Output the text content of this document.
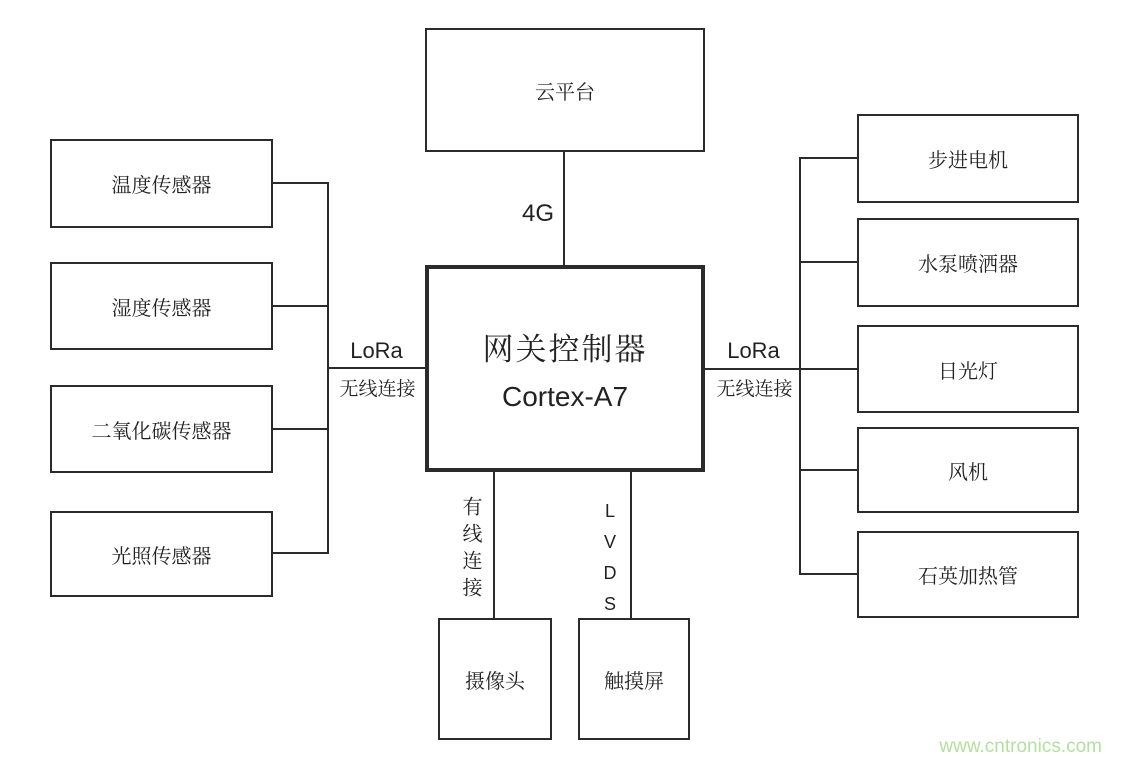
云平台
网关控制器
Cortex-A7
温度传感器
湿度传感器
二氧化碳传感器
光照传感器
步进电机
水泵喷洒器
日光灯
风机
石英加热管
摄像头	触摸屏
4G
LoRa
无线连接
LoRa
无线连接
有线连接	LVDS
www.cntronics.com
